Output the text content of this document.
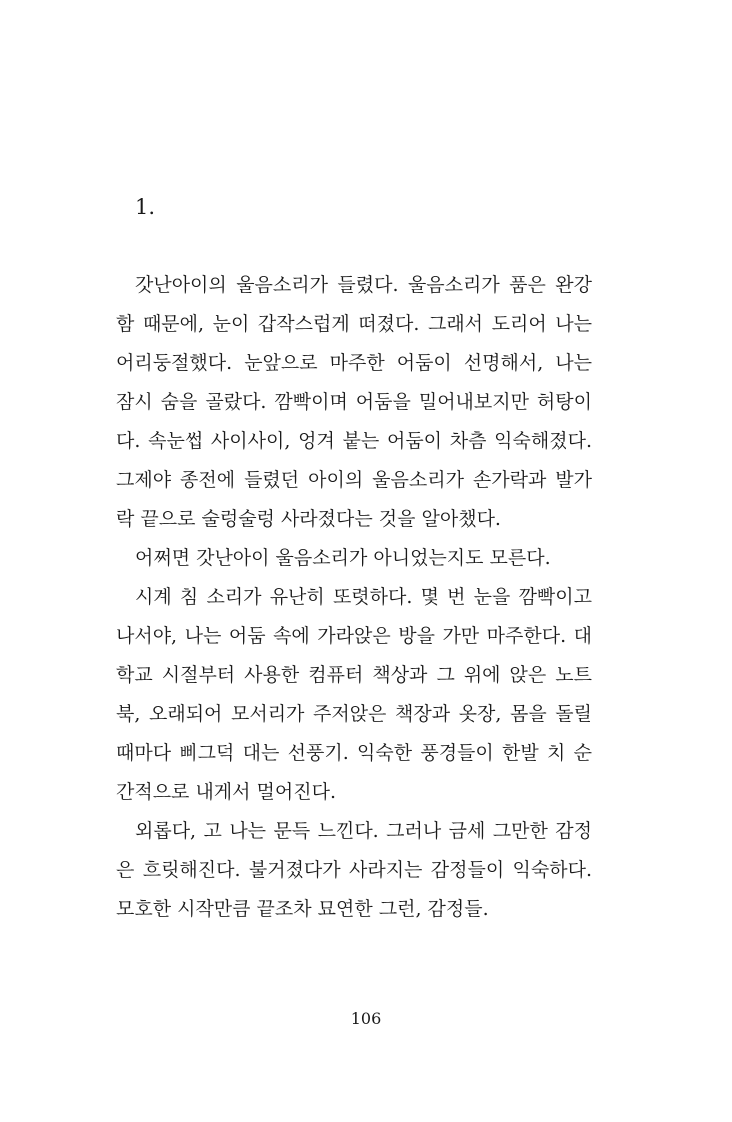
1.
갓난아이의 울음소리가 들렸다. 울음소리가 품은 완강
함 때문에, 눈이 갑작스럽게 떠졌다. 그래서 도리어 나는
어리둥절했다. 눈앞으로 마주한 어둠이 선명해서, 나는
잠시 숨을 골랐다. 깜빡이며 어둠을 밀어내보지만 허탕이
다. 속눈썹 사이사이, 엉겨 붙는 어둠이 차츰 익숙해졌다.
그제야 종전에 들렸던 아이의 울음소리가 손가락과 발가
락 끝으로 술렁술렁 사라졌다는 것을 알아챘다.
어쩌면 갓난아이 울음소리가 아니었는지도 모른다.
시계 침 소리가 유난히 또렷하다. 몇 번 눈을 깜빡이고
나서야, 나는 어둠 속에 가라앉은 방을 가만 마주한다. 대
학교 시절부터 사용한 컴퓨터 책상과 그 위에 앉은 노트
북, 오래되어 모서리가 주저앉은 책장과 옷장, 몸을 돌릴
때마다 삐그덕 대는 선풍기. 익숙한 풍경들이 한발 치 순
간적으로 내게서 멀어진다.
외롭다, 고 나는 문득 느낀다. 그러나 금세 그만한 감정
은 흐릿해진다. 불거졌다가 사라지는 감정들이 익숙하다.
모호한 시작만큼 끝조차 묘연한 그런, 감정들.
106
